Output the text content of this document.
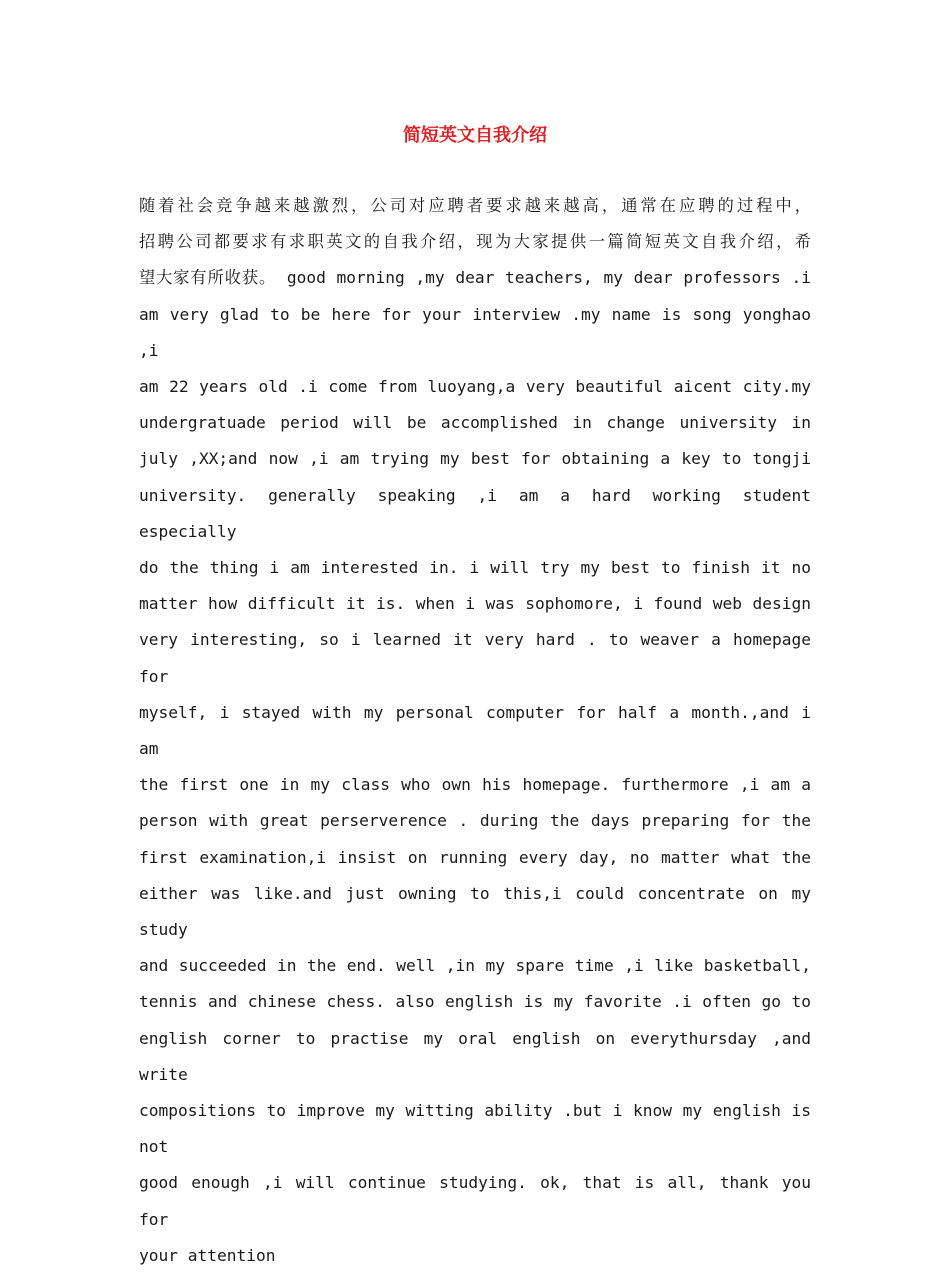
简短英文自我介绍
随着社会竞争越来越激烈，公司对应聘者要求越来越高，通常在应聘的过程中，
招聘公司都要求有求职英文的自我介绍，现为大家提供一篇简短英文自我介绍，希
望大家有所收获。 good morning ,my dear teachers, my dear professors .i
am very glad to be here for your interview .my name is song yonghao ,i
am 22 years old .i come from luoyang,a very beautiful aicent city.my
undergratuade period will be accomplished in change university in
july ,XX;and now ,i am trying my best for obtaining a key to tongji
university. generally speaking ,i am a hard working student especially
do the thing i am interested in. i will try my best to finish it no
matter how difficult it is. when i was sophomore, i found web design
very interesting, so i learned it very hard . to weaver a homepage for
myself, i stayed with my personal computer for half a month.,and i am
the first one in my class who own his homepage. furthermore ,i am a
person with great perserverence . during the days preparing for the
first examination,i insist on running every day, no matter what the
either was like.and just owning to this,i could concentrate on my study
and succeeded in the end. well ,in my spare time ,i like basketball,
tennis and chinese chess. also english is my favorite .i often go to
english corner to practise my oral english on everythursday ,and write
compositions to improve my witting ability .but i know my english is not
good enough ,i will continue studying. ok, that is all, thank you for
your attention
